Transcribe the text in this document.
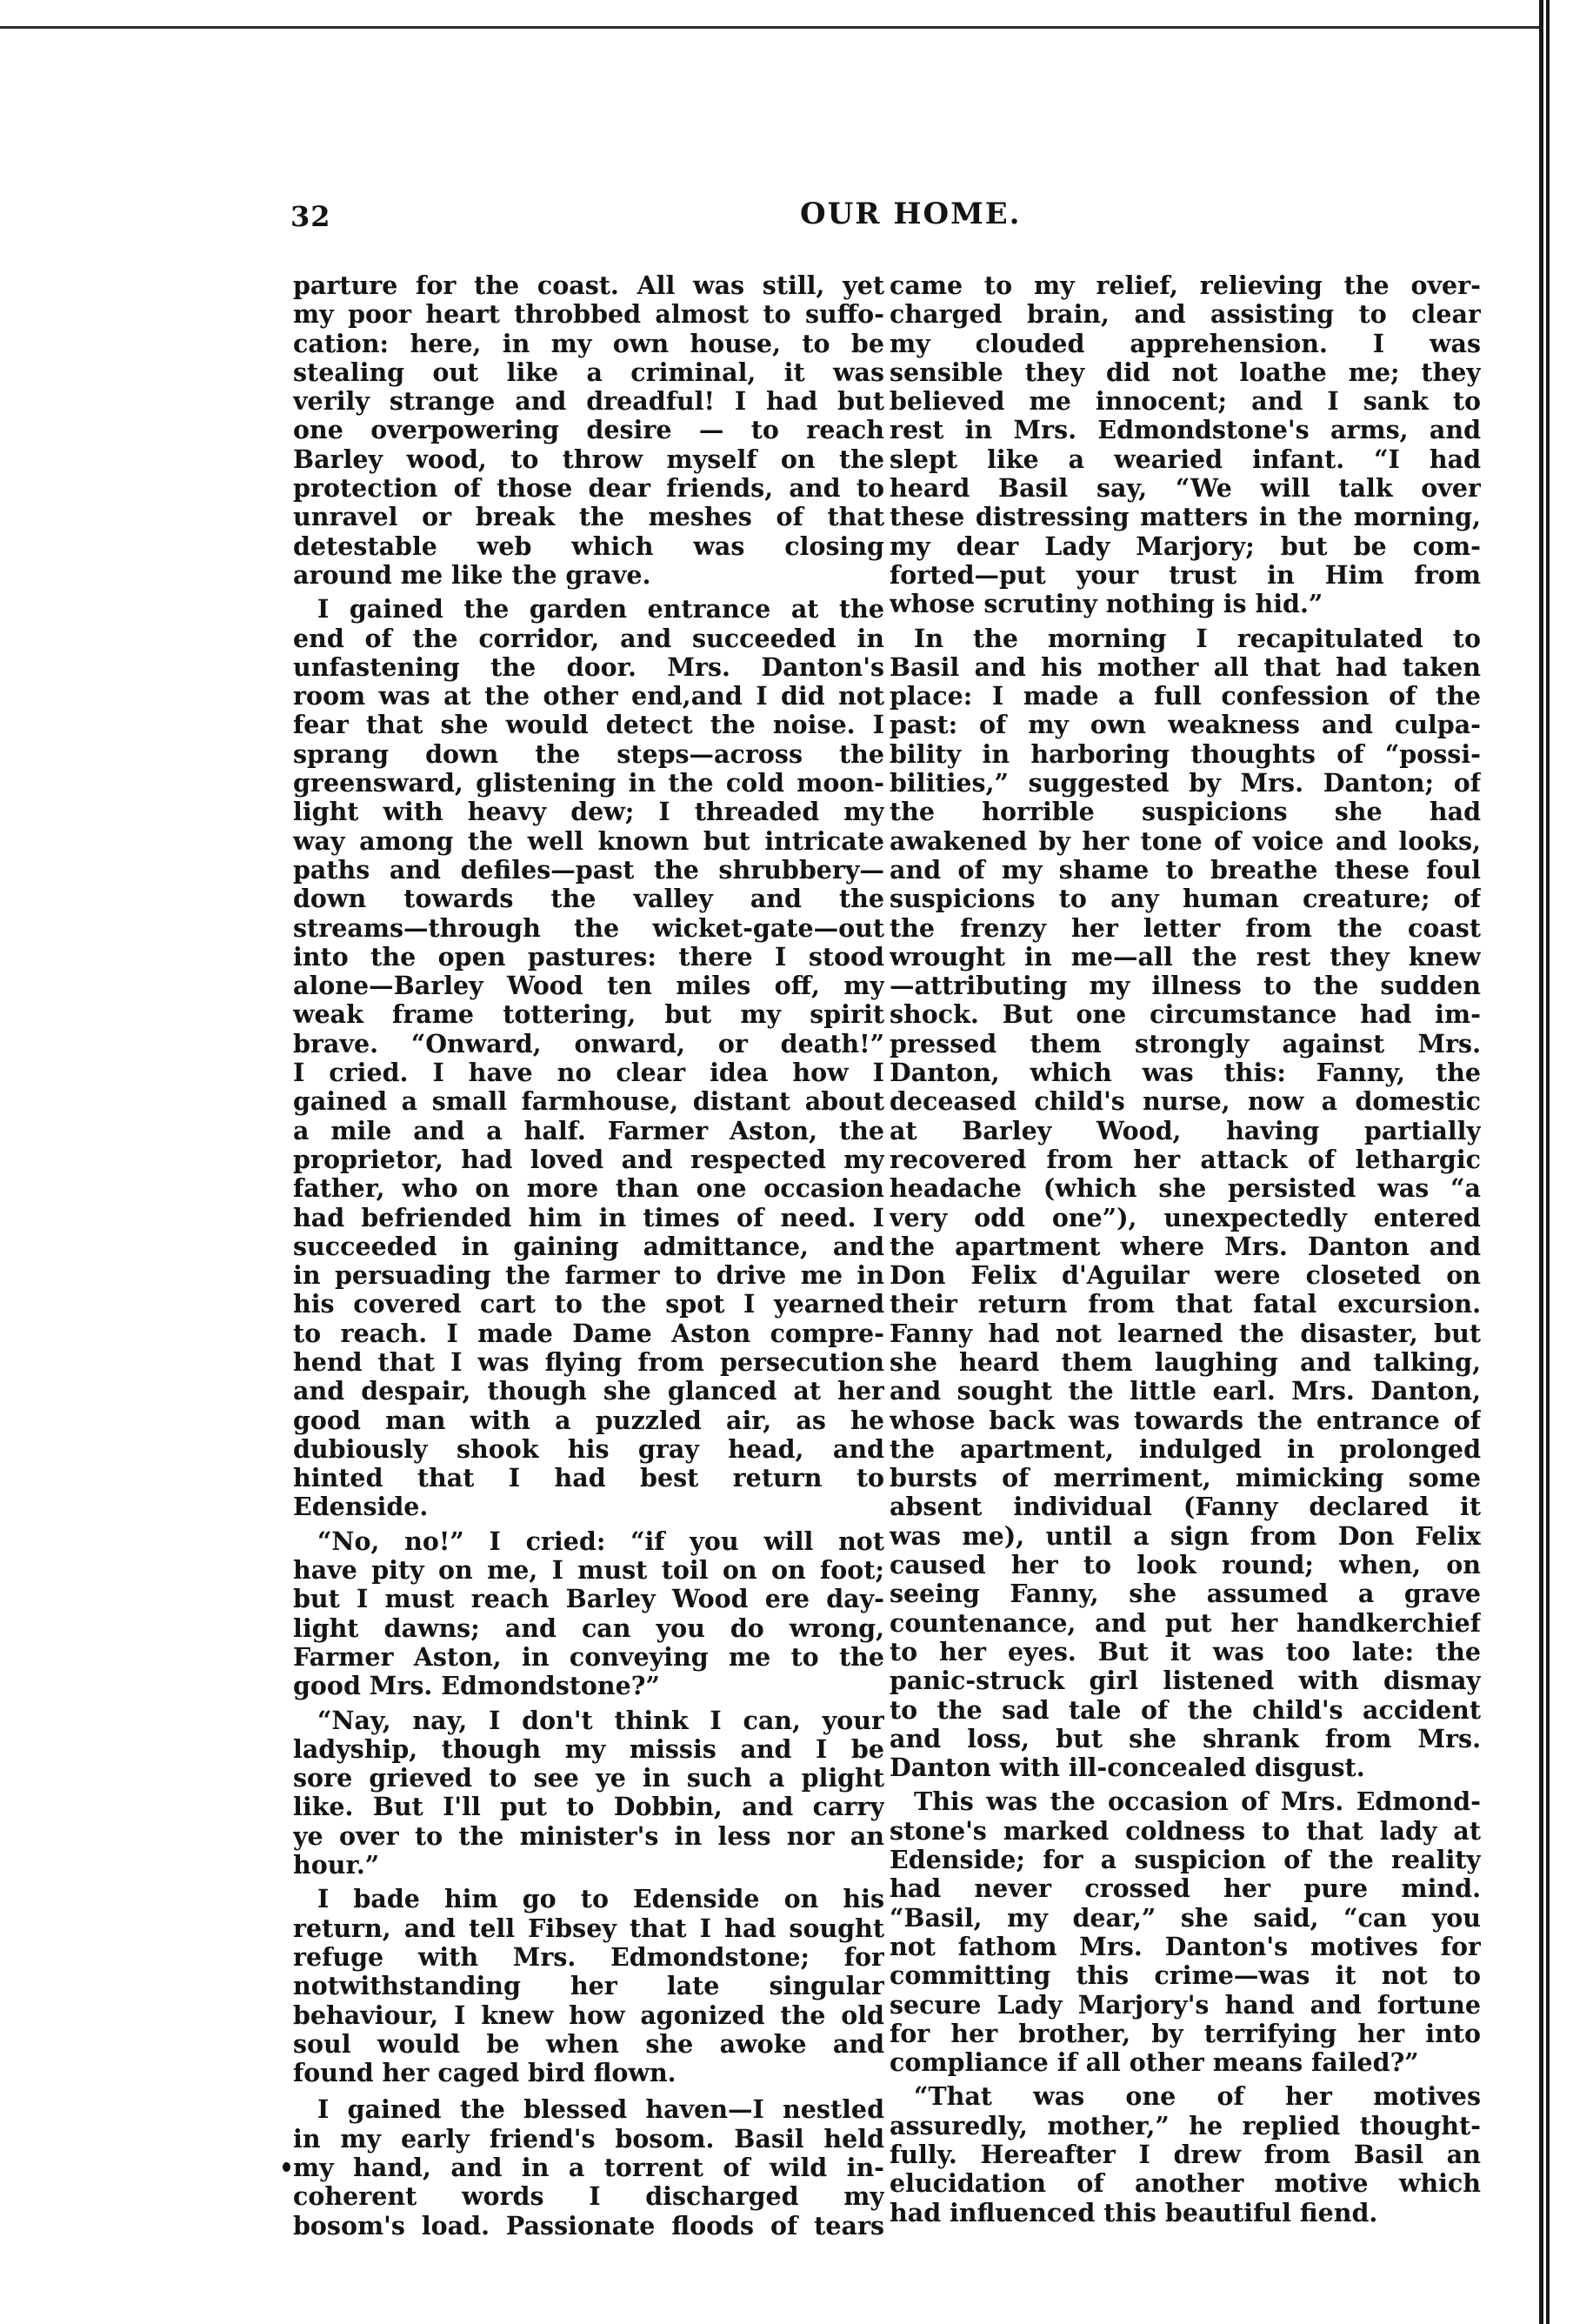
32	OUR HOME.

parture for the coast. All was still, yet

my poor heart throbbed almost to suffo-

cation: here, in my own house, to be

stealing out like a criminal, it was

verily strange and dreadful! I had but

one overpowering desire — to reach

Barley wood, to throw myself on the

protection of those dear friends, and to

unravel or break the meshes of that

detestable web which was closing

around me like the grave.

I gained the garden entrance at the

end of the corridor, and succeeded in

unfastening the door. Mrs. Danton's

room was at the other end,and I did not

fear that she would detect the noise. I

sprang down the steps—across the

greensward, glistening in the cold moon-

light with heavy dew; I threaded my

way among the well known but intricate

paths and defiles—past the shrubbery—

down towards the valley and the

streams—through the wicket-gate—out

into the open pastures: there I stood

alone—Barley Wood ten miles off, my

weak frame tottering, but my spirit

brave. “Onward, onward, or death!”

I cried. I have no clear idea how I

gained a small farmhouse, distant about

a mile and a half. Farmer Aston, the

proprietor, had loved and respected my

father, who on more than one occasion

had befriended him in times of need. I

succeeded in gaining admittance, and

in persuading the farmer to drive me in

his covered cart to the spot I yearned

to reach. I made Dame Aston compre-

hend that I was flying from persecution

and despair, though she glanced at her

good man with a puzzled air, as he

dubiously shook his gray head, and

hinted that I had best return to

Edenside.

“No, no!” I cried: “if you will not

have pity on me, I must toil on on foot;

but I must reach Barley Wood ere day-

light dawns; and can you do wrong,

Farmer Aston, in conveying me to the

good Mrs. Edmondstone?”

“Nay, nay, I don't think I can, your

ladyship, though my missis and I be

sore grieved to see ye in such a plight

like. But I'll put to Dobbin, and carry

ye over to the minister's in less nor an

hour.”

I bade him go to Edenside on his

return, and tell Fibsey that I had sought

refuge with Mrs. Edmondstone; for

notwithstanding her late singular

behaviour, I knew how agonized the old

soul would be when she awoke and

found her caged bird flown.

I gained the blessed haven—I nestled

in my early friend's bosom. Basil held

my hand, and in a torrent of wild in-

coherent words I discharged my

bosom's load. Passionate floods of tears

came to my relief, relieving the over-

charged brain, and assisting to clear

my clouded apprehension. I was

sensible they did not loathe me; they

believed me innocent; and I sank to

rest in Mrs. Edmondstone's arms, and

slept like a wearied infant. “I had

heard Basil say, “We will talk over

these distressing matters in the morning,

my dear Lady Marjory; but be com-

forted—put your trust in Him from

whose scrutiny nothing is hid.”

In the morning I recapitulated to

Basil and his mother all that had taken

place: I made a full confession of the

past: of my own weakness and culpa-

bility in harboring thoughts of “possi-

bilities,” suggested by Mrs. Danton; of

the horrible suspicions she had

awakened by her tone of voice and looks,

and of my shame to breathe these foul

suspicions to any human creature; of

the frenzy her letter from the coast

wrought in me—all the rest they knew

—attributing my illness to the sudden

shock. But one circumstance had im-

pressed them strongly against Mrs.

Danton, which was this: Fanny, the

deceased child's nurse, now a domestic

at Barley Wood, having partially

recovered from her attack of lethargic

headache (which she persisted was “a

very odd one”), unexpectedly entered

the apartment where Mrs. Danton and

Don Felix d'Aguilar were closeted on

their return from that fatal excursion.

Fanny had not learned the disaster, but

she heard them laughing and talking,

and sought the little earl. Mrs. Danton,

whose back was towards the entrance of

the apartment, indulged in prolonged

bursts of merriment, mimicking some

absent individual (Fanny declared it

was me), until a sign from Don Felix

caused her to look round; when, on

seeing Fanny, she assumed a grave

countenance, and put her handkerchief

to her eyes. But it was too late: the

panic-struck girl listened with dismay

to the sad tale of the child's accident

and loss, but she shrank from Mrs.

Danton with ill-concealed disgust.

This was the occasion of Mrs. Edmond-

stone's marked coldness to that lady at

Edenside; for a suspicion of the reality

had never crossed her pure mind.

“Basil, my dear,” she said, “can you

not fathom Mrs. Danton's motives for

committing this crime—was it not to

secure Lady Marjory's hand and fortune

for her brother, by terrifying her into

compliance if all other means failed?”

“That was one of her motives

assuredly, mother,” he replied thought-

fully. Hereafter I drew from Basil an

elucidation of another motive which

had influenced this beautiful fiend.
